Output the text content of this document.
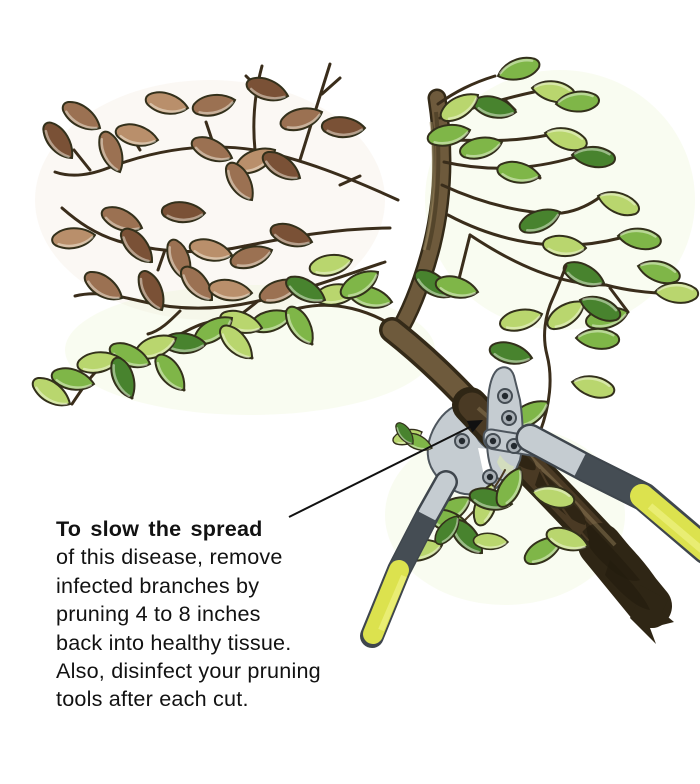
To slow the spread
of this disease, remove
infected branches by
pruning 4 to 8 inches
back into healthy tissue.
Also, disinfect your pruning
tools after each cut.
